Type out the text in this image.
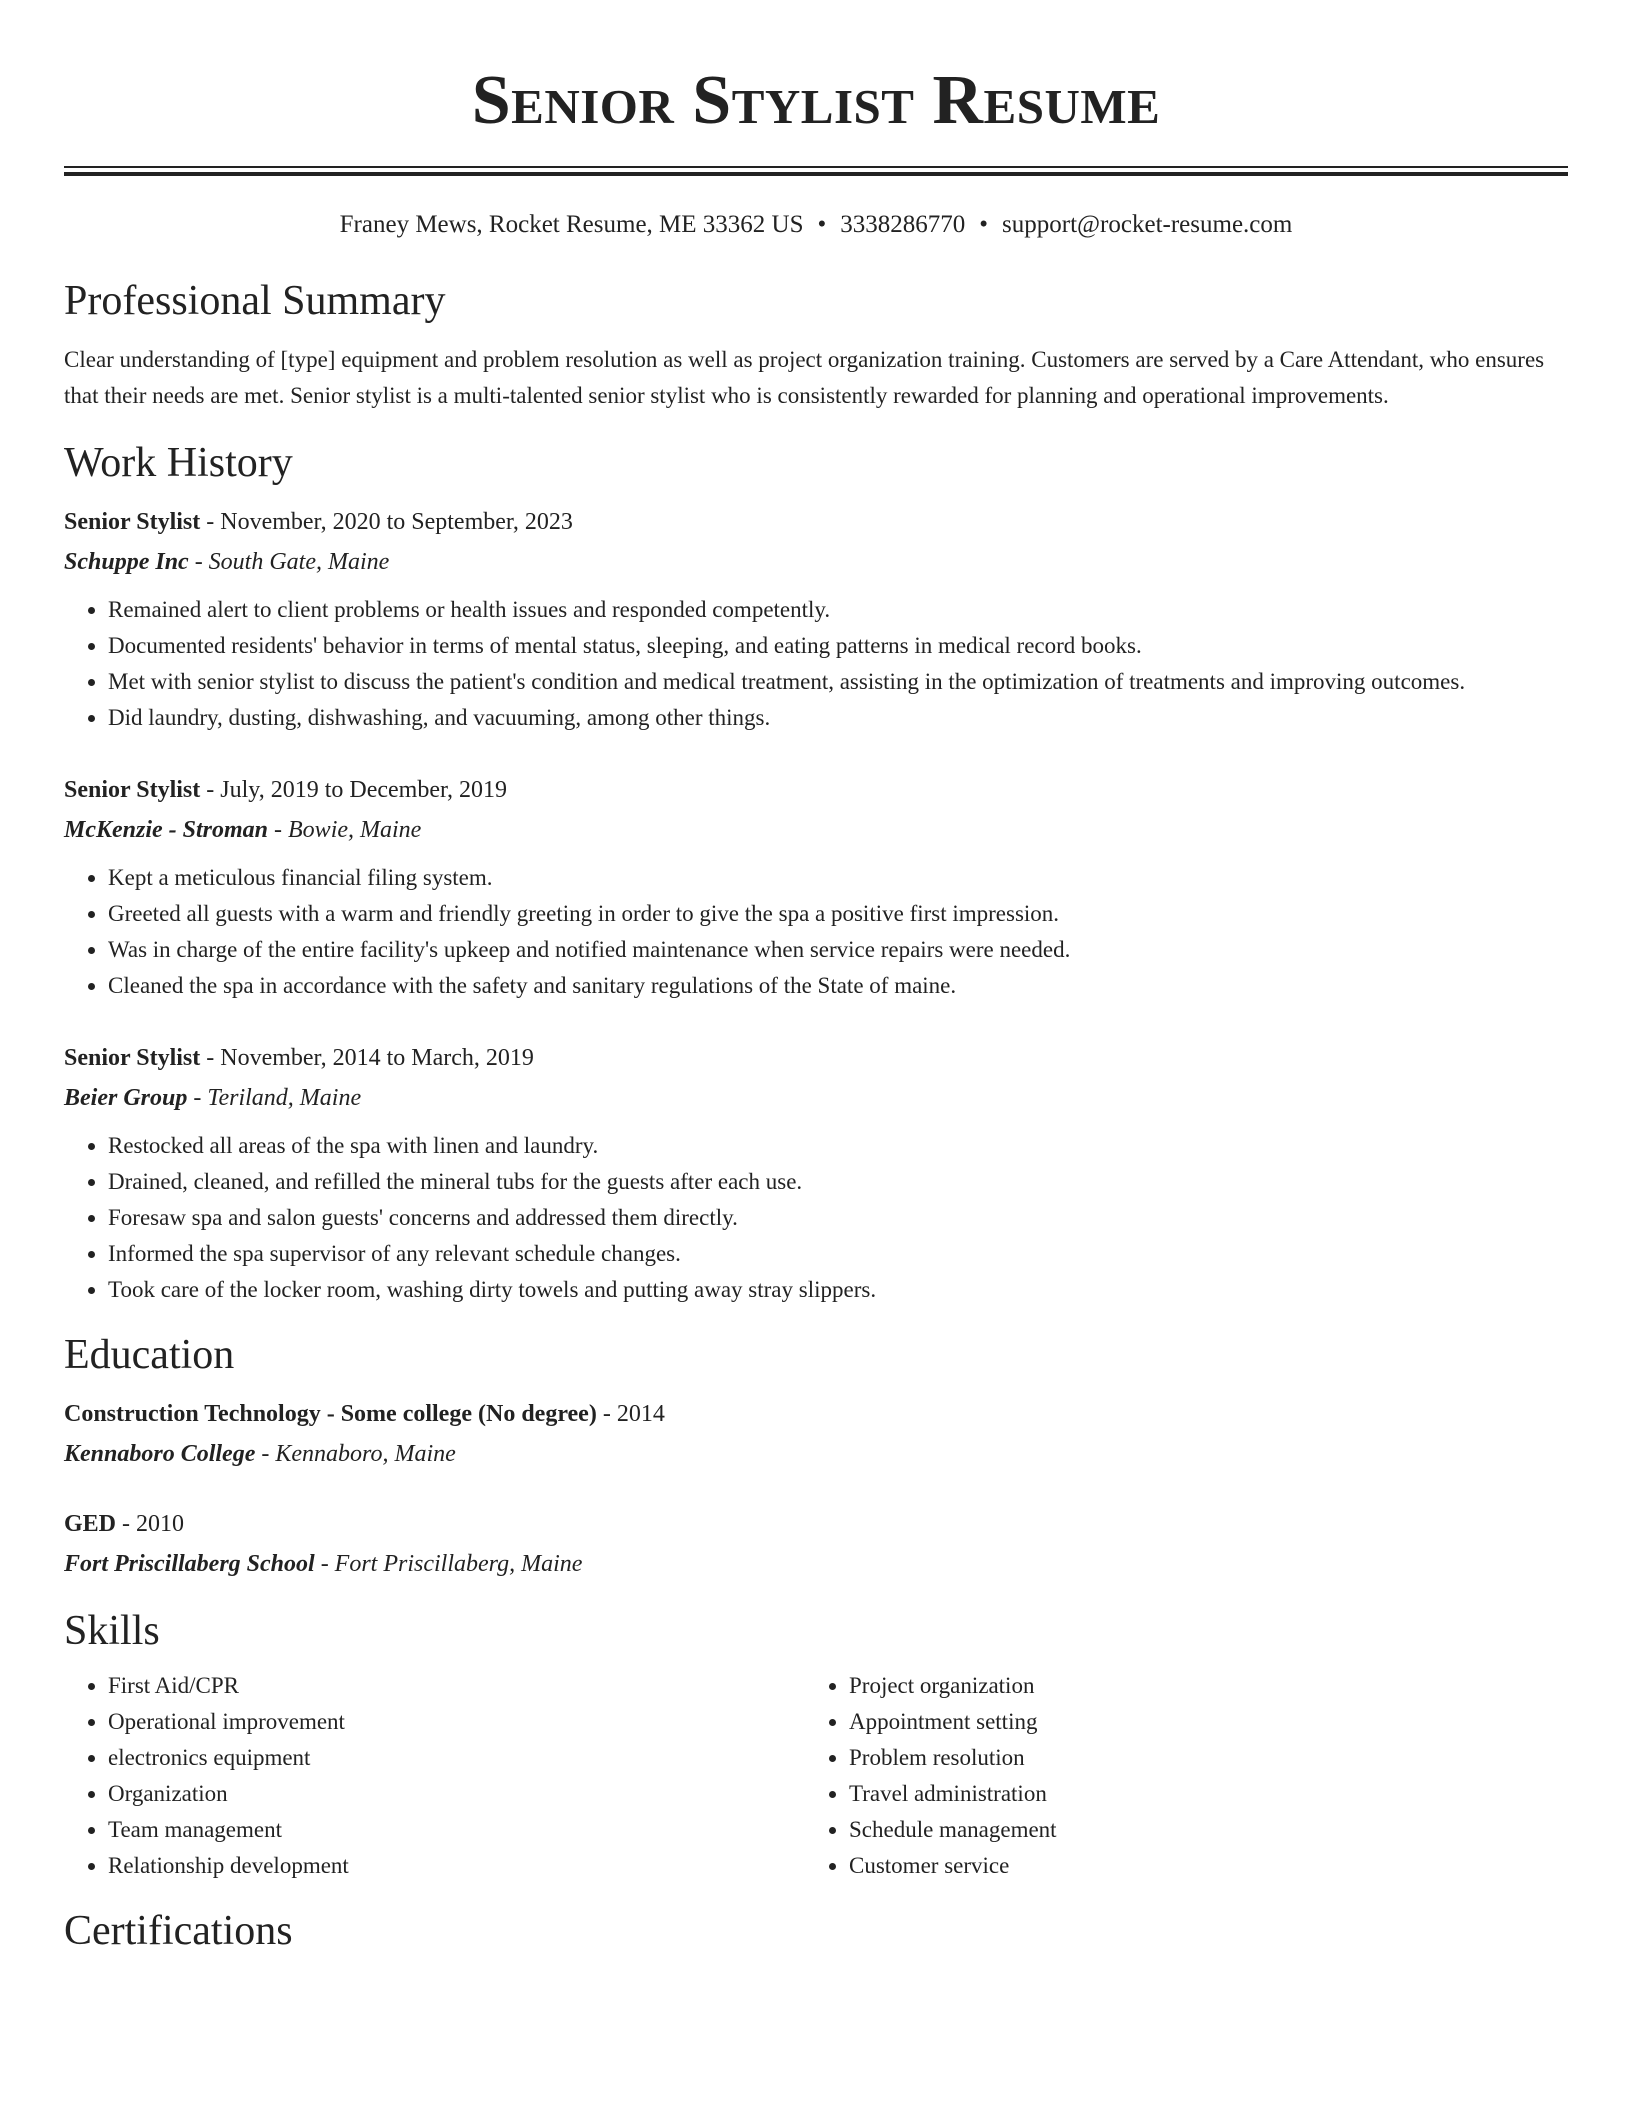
Senior Stylist Resume
Franey Mews, Rocket Resume, ME 33362 US • 3338286770 • support@rocket-resume.com
Professional Summary
Clear understanding of [type] equipment and problem resolution as well as project organization training. Customers are served by a Care Attendant, who ensures that their needs are met. Senior stylist is a multi-talented senior stylist who is consistently rewarded for planning and operational improvements.
Work History
Senior Stylist - November, 2020 to September, 2023
Schuppe Inc - South Gate, Maine
• Remained alert to client problems or health issues and responded competently.
• Documented residents' behavior in terms of mental status, sleeping, and eating patterns in medical record books.
• Met with senior stylist to discuss the patient's condition and medical treatment, assisting in the optimization of treatments and improving outcomes.
• Did laundry, dusting, dishwashing, and vacuuming, among other things.
Senior Stylist - July, 2019 to December, 2019
McKenzie - Stroman - Bowie, Maine
• Kept a meticulous financial filing system.
• Greeted all guests with a warm and friendly greeting in order to give the spa a positive first impression.
• Was in charge of the entire facility's upkeep and notified maintenance when service repairs were needed.
• Cleaned the spa in accordance with the safety and sanitary regulations of the State of maine.
Senior Stylist - November, 2014 to March, 2019
Beier Group - Teriland, Maine
• Restocked all areas of the spa with linen and laundry.
• Drained, cleaned, and refilled the mineral tubs for the guests after each use.
• Foresaw spa and salon guests' concerns and addressed them directly.
• Informed the spa supervisor of any relevant schedule changes.
• Took care of the locker room, washing dirty towels and putting away stray slippers.
Education
Construction Technology - Some college (No degree) - 2014
Kennaboro College - Kennaboro, Maine
GED - 2010
Fort Priscillaberg School - Fort Priscillaberg, Maine
Skills
• First Aid/CPR
• Operational improvement
• electronics equipment
• Organization
• Team management
• Relationship development
• Project organization
• Appointment setting
• Problem resolution
• Travel administration
• Schedule management
• Customer service
Certifications
